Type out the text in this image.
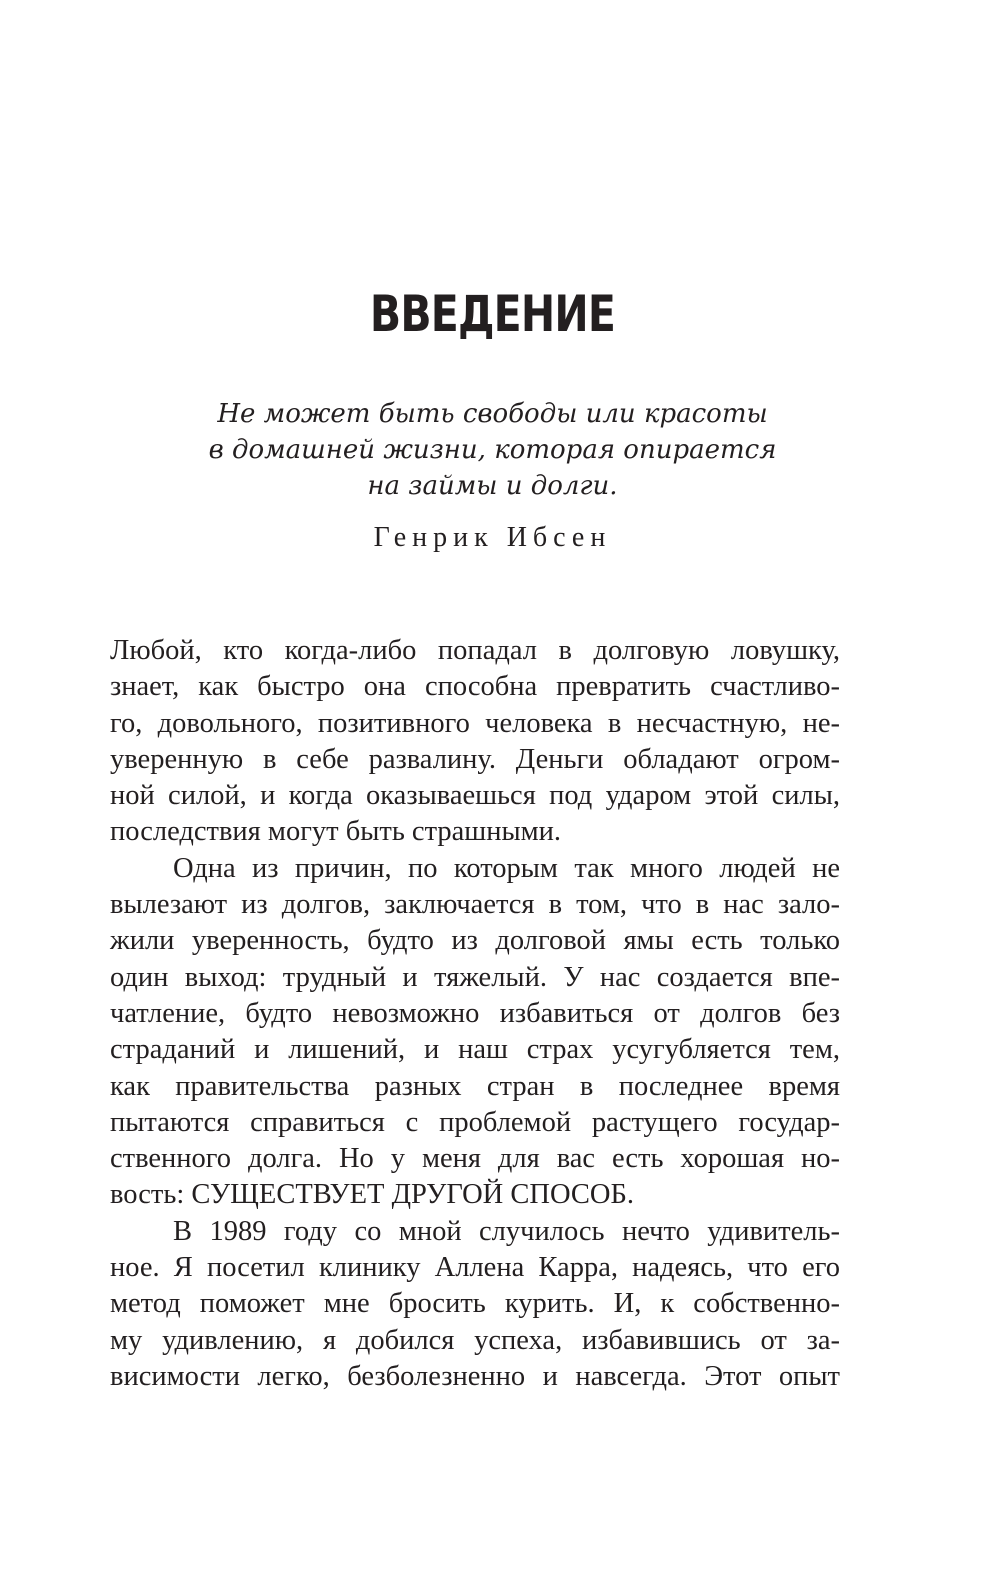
ВВЕДЕНИЕ
Не может быть свободы или красоты
в домашней жизни, которая опирается
на займы и долги.

Генрик Ибсен

Любой, кто когда-либо попадал в долговую ловушку,
знает, как быстро она способна превратить счастливо-
го, довольного, позитивного человека в несчастную, не-
уверенную в себе развалину. Деньги обладают огром-
ной силой, и когда оказываешься под ударом этой силы,
последствия могут быть страшными.
Одна из причин, по которым так много людей не
вылезают из долгов, заключается в том, что в нас зало-
жили уверенность, будто из долговой ямы есть только
один выход: трудный и тяжелый. У нас создается впе-
чатление, будто невозможно избавиться от долгов без
страданий и лишений, и наш страх усугубляется тем,
как правительства разных стран в последнее время
пытаются справиться с проблемой растущего государ-
ственного долга. Но у меня для вас есть хорошая но-
вость: СУЩЕСТВУЕТ ДРУГОЙ СПОСОБ.
В 1989 году со мной случилось нечто удивитель-
ное. Я посетил клинику Аллена Карра, надеясь, что его
метод поможет мне бросить курить. И, к собственно-
му удивлению, я добился успеха, избавившись от за-
висимости легко, безболезненно и навсегда. Этот опыт
